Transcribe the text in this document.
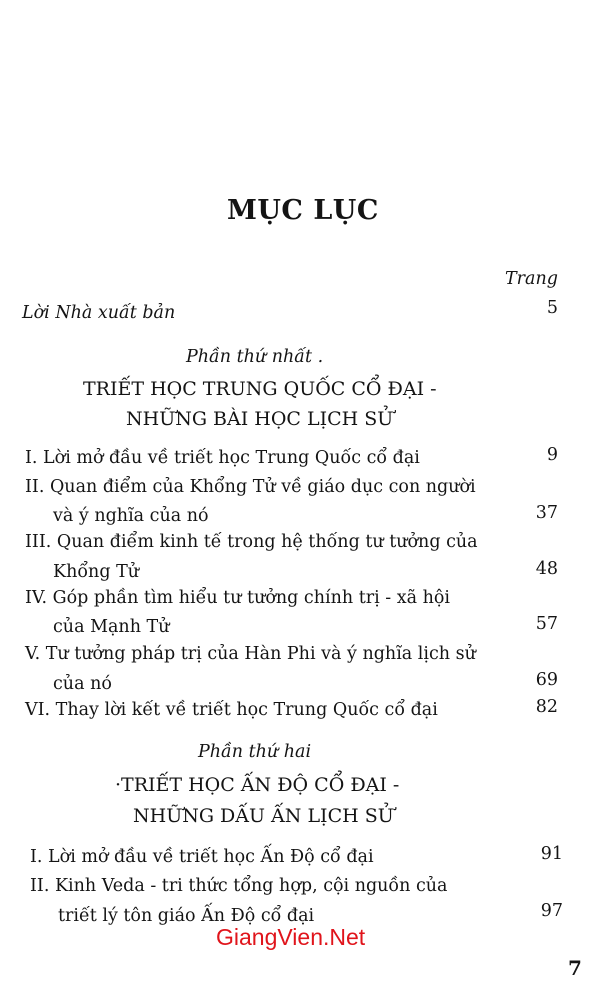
MỤC LỤC
Trang
Lời Nhà xuất bản	5
Phần thứ nhất .
TRIẾT HỌC TRUNG QUỐC CỔ ĐẠI -
NHỮNG BÀI HỌC LỊCH SỬ
I. Lời mở đầu về triết học Trung Quốc cổ đại	9
II. Quan điểm của Khổng Tử về giáo dục con người
và ý nghĩa của nó	37
III. Quan điểm kinh tế trong hệ thống tư tưởng của
Khổng Tử	48
IV. Góp phần tìm hiểu tư tưởng chính trị - xã hội
của Mạnh Tử	57
V. Tư tưởng pháp trị của Hàn Phi và ý nghĩa lịch sử
của nó	69
VI. Thay lời kết về triết học Trung Quốc cổ đại	82
Phần thứ hai
·TRIẾT HỌC ẤN ĐỘ CỔ ĐẠI -
NHỮNG DẤU ẤN LỊCH SỬ
I. Lời mở đầu về triết học Ấn Độ cổ đại	91
II. Kinh Veda - tri thức tổng hợp, cội nguồn của
triết lý tôn giáo Ấn Độ cổ đại	97
GiangVien.Net
7
